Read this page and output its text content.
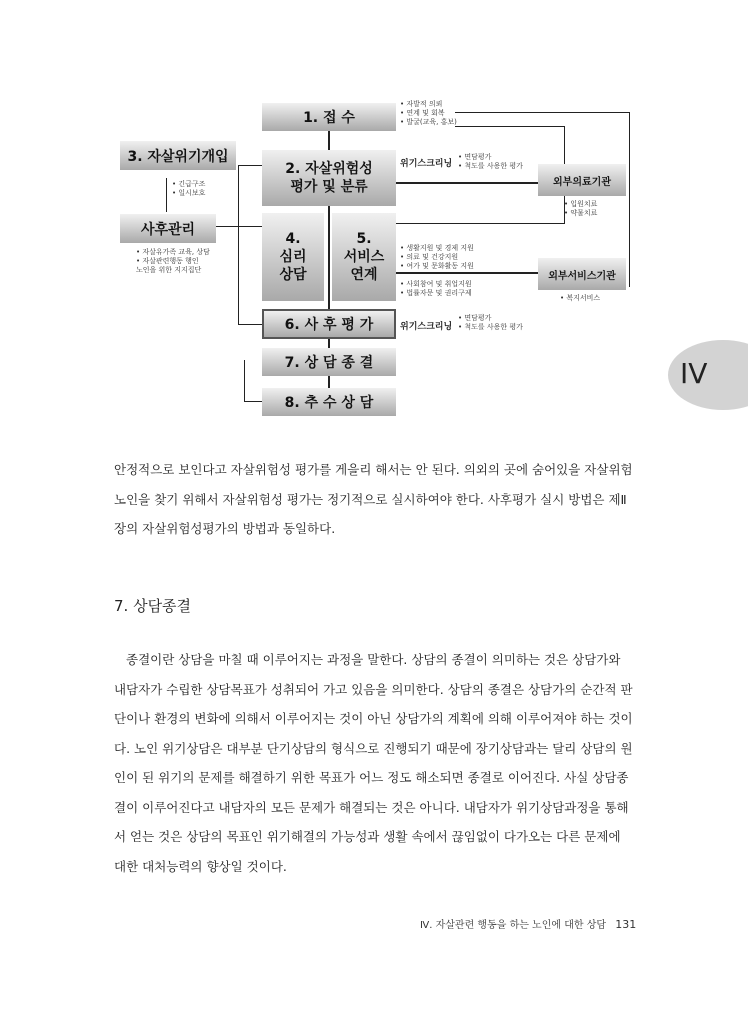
1. 접 수
3. 자살위기개입
2. 자살위험성
평가 및 분류
사후관리
4.
심리
상담
5.
서비스
연계
외부의료기관
외부서비스기관
6. 사 후 평 가
7. 상 담 종 결
8. 추 수 상 담
• 자발적 의뢰
• 연계 및 회복
• 발굴(교육, 홍보)
위기스크리닝
• 면담평가
• 척도를 사용한 평가
• 긴급구조
• 일시보호
• 입원치료
• 약물치료
• 자살유가족 교육, 상담
• 자살관련행동 행인
노인을 위한 지지집단
• 생활지원 및 경제 지원
• 의료 및 건강지원
• 여가 및 문화활동 지원
• 사회참여 및 취업지원
• 법률자문 및 권리구제
• 복지서비스
위기스크리닝
• 면담평가
• 척도를 사용한 평가
IV

안정적으로 보인다고 자살위험성 평가를 게을리 해서는 안 된다. 의외의 곳에 숨어있을 자살위험 노인을 찾기 위해서 자살위험성 평가는 정기적으로 실시하여야 한다. 사후평가 실시 방법은 제Ⅱ장의 자살위험성평가의 방법과 동일하다.

7. 상담종결

종결이란 상담을 마칠 때 이루어지는 과정을 말한다. 상담의 종결이 의미하는 것은 상담가와 내담자가 수립한 상담목표가 성취되어 가고 있음을 의미한다. 상담의 종결은 상담가의 순간적 판단이나 환경의 변화에 의해서 이루어지는 것이 아닌 상담가의 계획에 의해 이루어져야 하는 것이다. 노인 위기상담은 대부분 단기상담의 형식으로 진행되기 때문에 장기상담과는 달리 상담의 원인이 된 위기의 문제를 해결하기 위한 목표가 어느 정도 해소되면 종결로 이어진다. 사실 상담종결이 이루어진다고 내담자의 모든 문제가 해결되는 것은 아니다. 내담자가 위기상담과정을 통해서 얻는 것은 상담의 목표인 위기해결의 가능성과 생활 속에서 끊임없이 다가오는 다른 문제에 대한 대처능력의 향상일 것이다.

Ⅳ. 자살관련 행동을 하는 노인에 대한 상담 131
